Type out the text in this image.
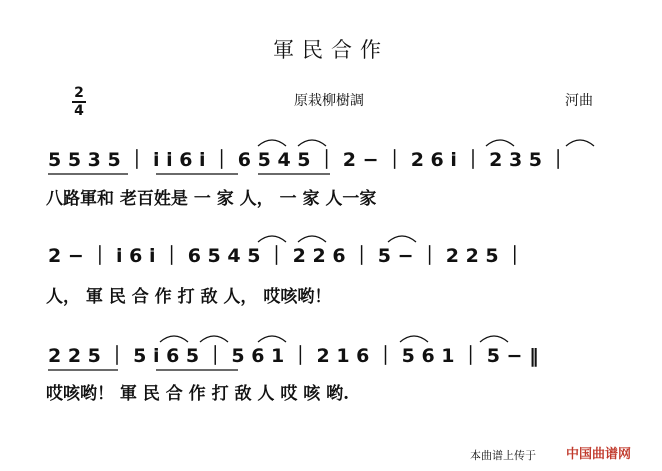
軍民合作
原栽柳樹調	河曲
2
4
5 5 3 5 ｜ i i 6 i ｜ 6 5 4 5 ｜ 2 − ｜ 2 6 i ｜ 2 3 5 ｜
八路軍和 老百姓是 一 家 人， 一 家 人一家
2 − ｜ i 6 i ｜ 6 5 4 5 ｜ 2 2 6 ｜ 5 − ｜ 2 2 5 ｜
人， 軍 民 合 作 打 敌 人， 哎咳哟！
2 2 5 ｜ 5 i 6 5 ｜ 5 6 1 ｜ 2 1 6 ｜ 5 6 1 ｜ 5 − ‖
哎咳哟！ 軍 民 合 作 打 敌 人 哎 咳 哟.
本曲谱上传于 中国曲谱网
